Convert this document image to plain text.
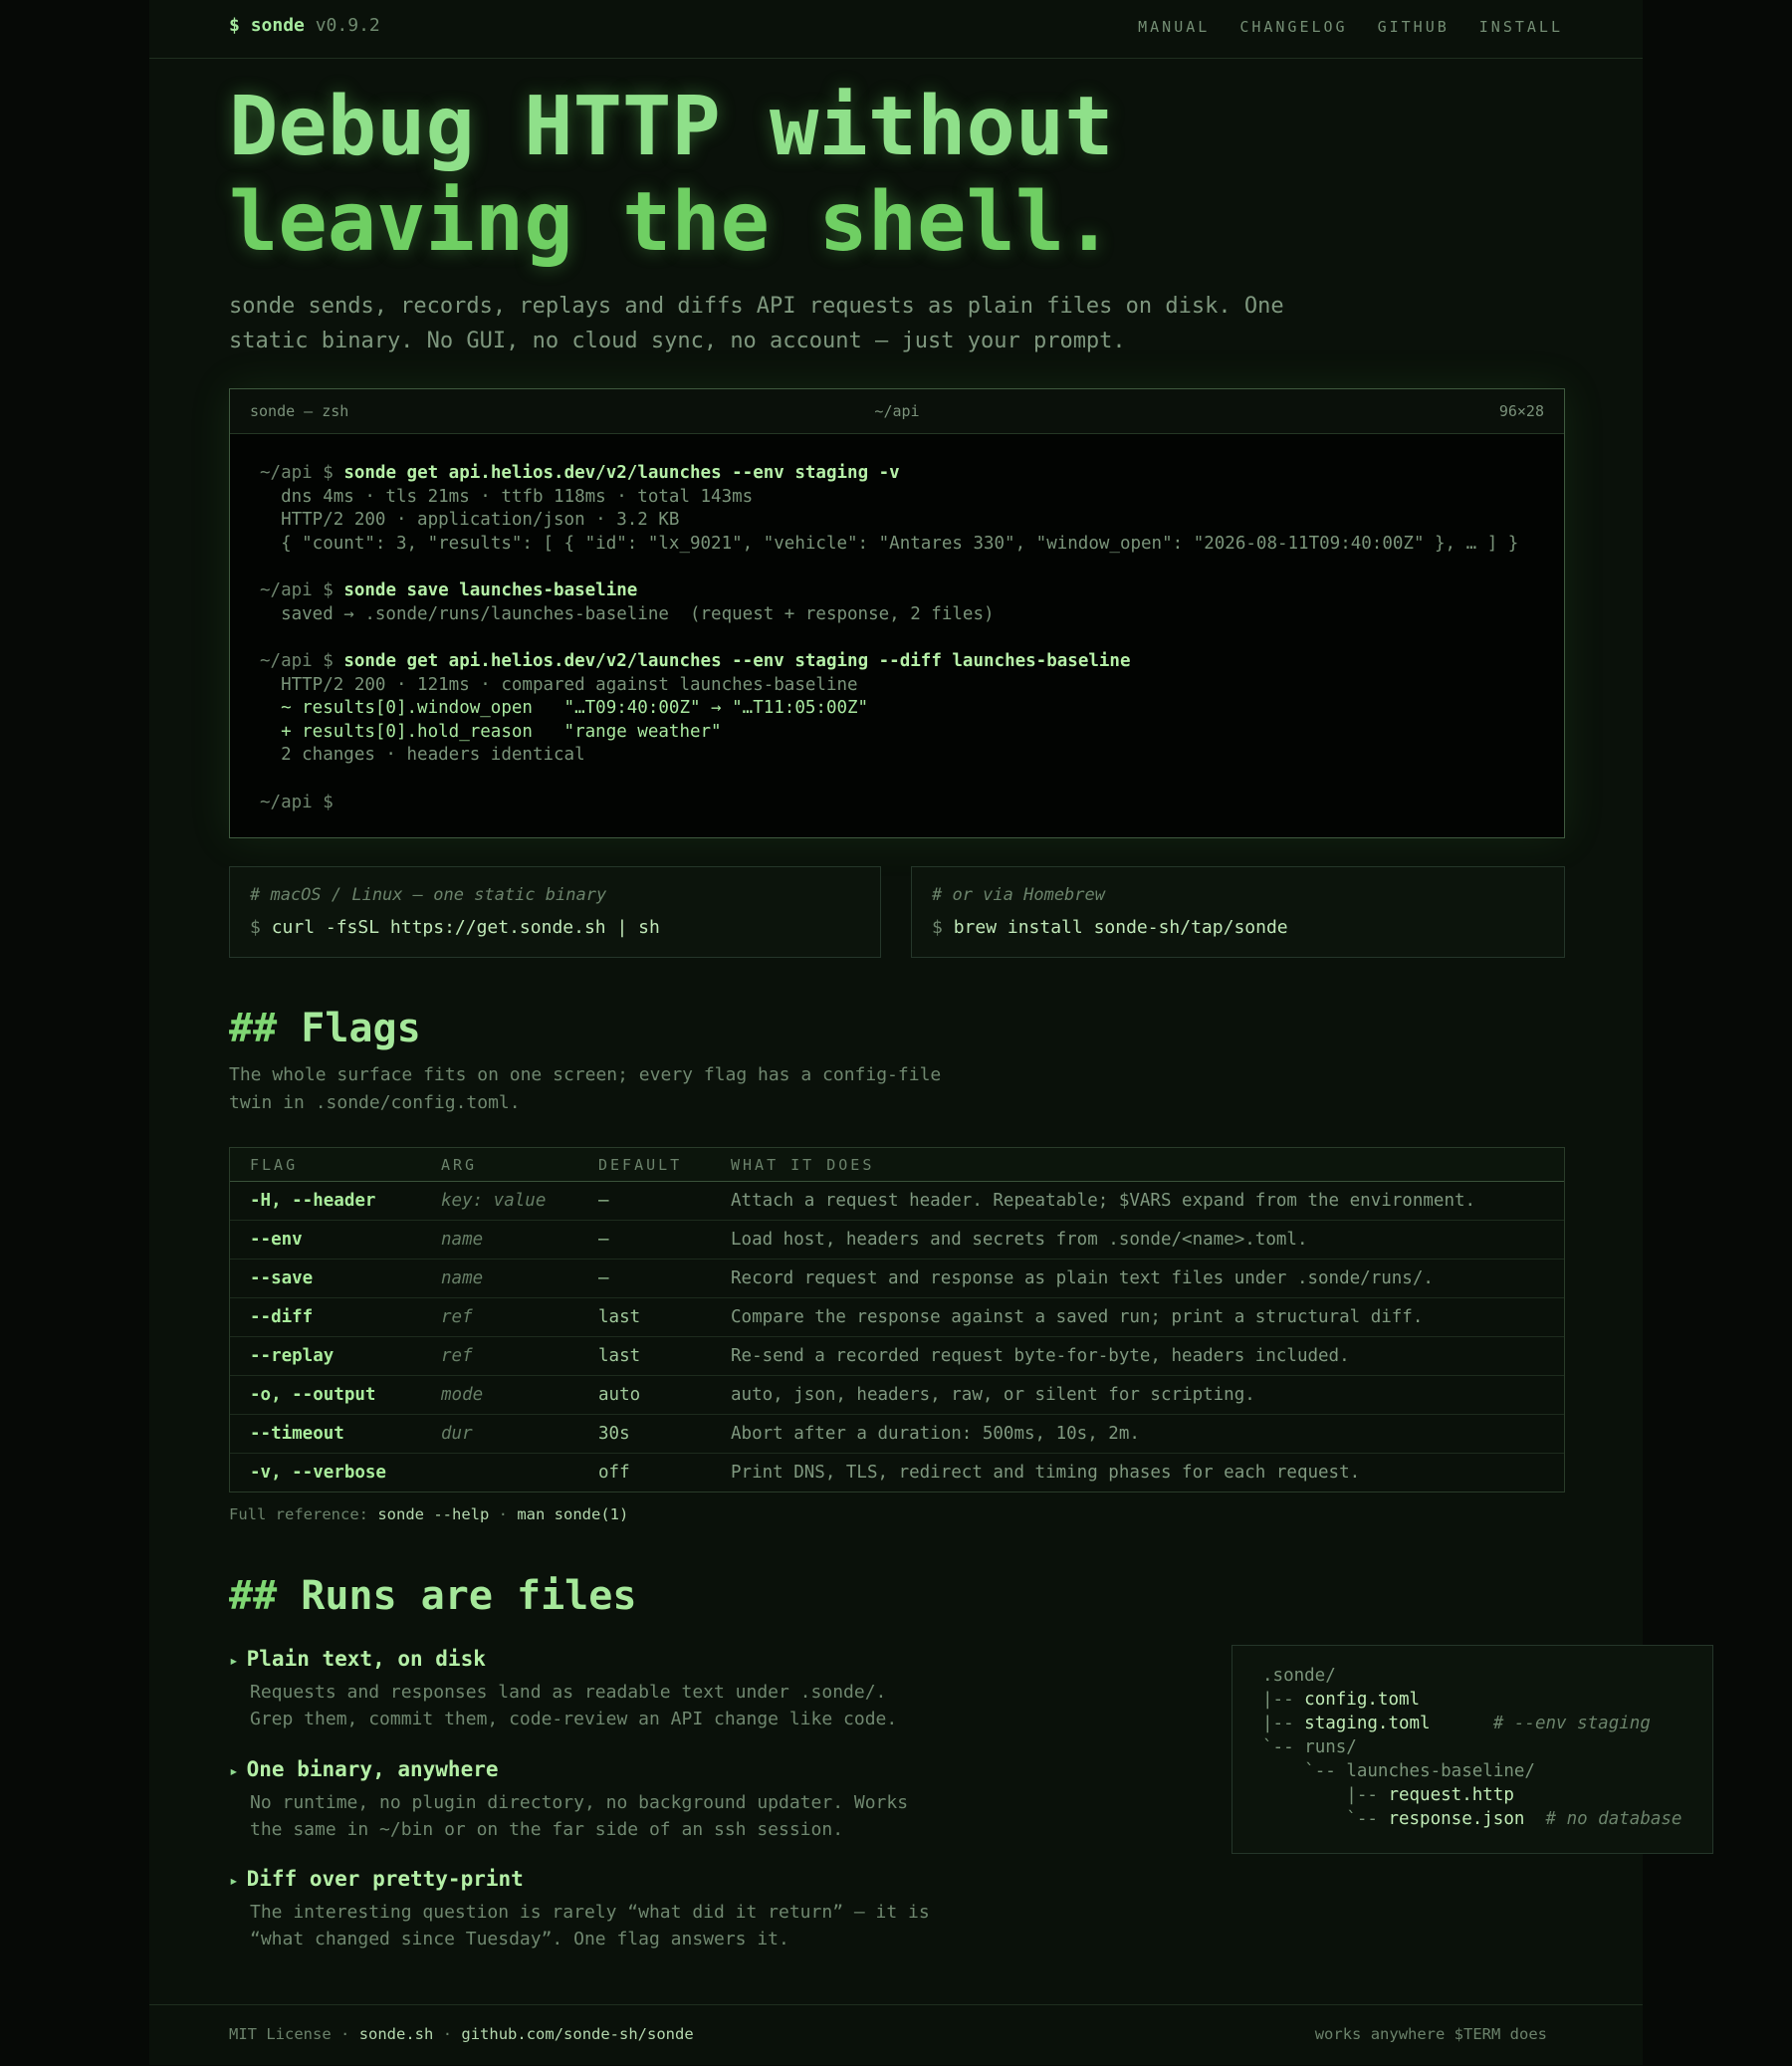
$ sonde v0.9.2	MANUAL CHANGELOG GITHUB INSTALL
Debug HTTP without
leaving the shell.
sonde sends, records, replays and diffs API requests as plain files on disk. One
static binary. No GUI, no cloud sync, no account — just your prompt.
sonde — zsh	~/api	96×28
~/api $ sonde get api.helios.dev/v2/launches --env staging -v
dns 4ms · tls 21ms · ttfb 118ms · total 143ms
HTTP/2 200 · application/json · 3.2 KB
{ "count": 3, "results": [ { "id": "lx_9021", "vehicle": "Antares 330", "window_open": "2026-08-11T09:40:00Z" }, … ] }
~/api $ sonde save launches-baseline
saved → .sonde/runs/launches-baseline  (request + response, 2 files)
~/api $ sonde get api.helios.dev/v2/launches --env staging --diff launches-baseline
HTTP/2 200 · 121ms · compared against launches-baseline
~ results[0].window_open   "…T09:40:00Z" → "…T11:05:00Z"
+ results[0].hold_reason   "range weather"
2 changes · headers identical
~/api $
# macOS / Linux — one static binary
$ curl -fsSL https://get.sonde.sh | sh
# or via Homebrew
$ brew install sonde-sh/tap/sonde
## Flags
The whole surface fits on one screen; every flag has a config-file
twin in .sonde/config.toml.
FLAG	ARG	DEFAULT	WHAT IT DOES
-H, --header	key: value	—	Attach a request header. Repeatable; $VARS expand from the environment.
--env	name	—	Load host, headers and secrets from .sonde/<name>.toml.
--save	name	—	Record request and response as plain text files under .sonde/runs/.
--diff	ref	last	Compare the response against a saved run; print a structural diff.
--replay	ref	last	Re-send a recorded request byte-for-byte, headers included.
-o, --output	mode	auto	auto, json, headers, raw, or silent for scripting.
--timeout	dur	30s	Abort after a duration: 500ms, 10s, 2m.
-v, --verbose		off	Print DNS, TLS, redirect and timing phases for each request.
Full reference: sonde --help · man sonde(1)
## Runs are files
▸ Plain text, on disk

Requests and responses land as readable text under .sonde/.

Grep them, commit them, code-review an API change like code.

▸ One binary, anywhere

No runtime, no plugin directory, no background updater. Works

the same in ~/bin or on the far side of an ssh session.

▸ Diff over pretty-print

The interesting question is rarely “what did it return” — it is

“what changed since Tuesday”. One flag answers it.

.sonde/
|-- config.toml
|-- staging.toml	# --env staging
`-- runs/
`-- launches-baseline/
|-- request.http
`-- response.json # no database
MIT License · sonde.sh · github.com/sonde-sh/sonde	works anywhere $TERM does
